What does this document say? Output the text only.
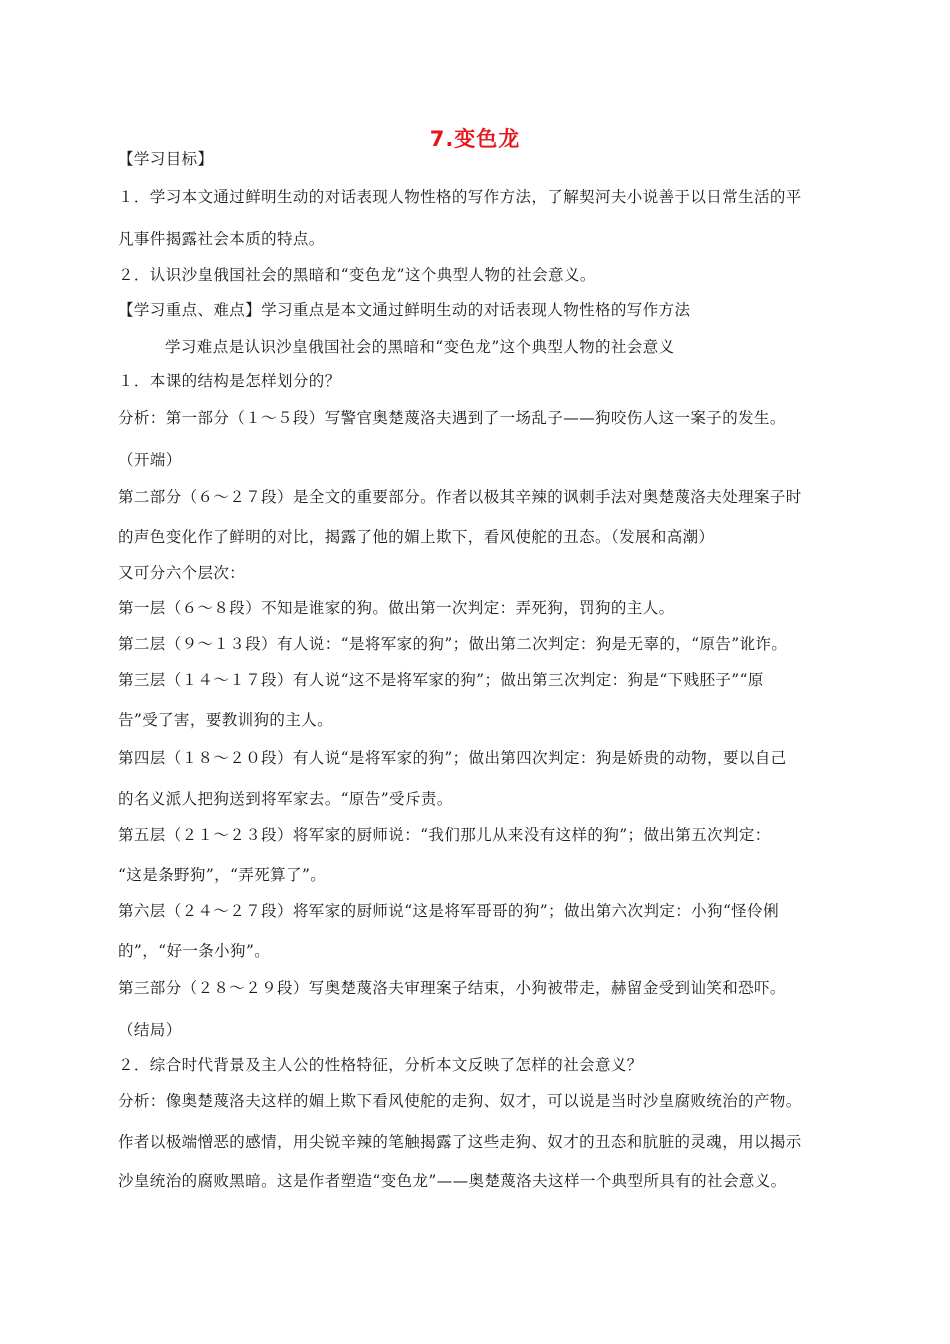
7.变色龙
【学习目标】
１．学习本文通过鲜明生动的对话表现人物性格的写作方法，了解契河夫小说善于以日常生活的平
凡事件揭露社会本质的特点。
２．认识沙皇俄国社会的黑暗和“变色龙”这个典型人物的社会意义。
【学习重点、难点】学习重点是本文通过鲜明生动的对话表现人物性格的写作方法
学习难点是认识沙皇俄国社会的黑暗和“变色龙”这个典型人物的社会意义
１．本课的结构是怎样划分的？
分析：第一部分（１～５段）写警官奥楚蔑洛夫遇到了一场乱子——狗咬伤人这一案子的发生。
（开端）
第二部分（６～２７段）是全文的重要部分。作者以极其辛辣的讽刺手法对奥楚蔑洛夫处理案子时
的声色变化作了鲜明的对比，揭露了他的媚上欺下，看风使舵的丑态。（发展和高潮）
又可分六个层次：
第一层（６～８段）不知是谁家的狗。做出第一次判定：弄死狗，罚狗的主人。
第二层（９～１３段）有人说：“是将军家的狗”；做出第二次判定：狗是无辜的，“原告”讹诈。
第三层（１４～１７段）有人说“这不是将军家的狗”；做出第三次判定：狗是“下贱胚子”“原
告”受了害，要教训狗的主人。
第四层（１８～２０段）有人说“是将军家的狗”；做出第四次判定：狗是娇贵的动物，要以自己
的名义派人把狗送到将军家去。“原告”受斥责。
第五层（２１～２３段）将军家的厨师说：“我们那儿从来没有这样的狗”；做出第五次判定：
“这是条野狗”，“弄死算了”。
第六层（２４～２７段）将军家的厨师说“这是将军哥哥的狗”；做出第六次判定：小狗“怪伶俐
的”，“好一条小狗”。
第三部分（２８～２９段）写奥楚蔑洛夫审理案子结束，小狗被带走，赫留金受到讪笑和恐吓。
（结局）
２．综合时代背景及主人公的性格特征，分析本文反映了怎样的社会意义？
分析：像奥楚蔑洛夫这样的媚上欺下看风使舵的走狗、奴才，可以说是当时沙皇腐败统治的产物。
作者以极端憎恶的感情，用尖锐辛辣的笔触揭露了这些走狗、奴才的丑态和肮脏的灵魂，用以揭示
沙皇统治的腐败黑暗。这是作者塑造“变色龙”——奥楚蔑洛夫这样一个典型所具有的社会意义。
